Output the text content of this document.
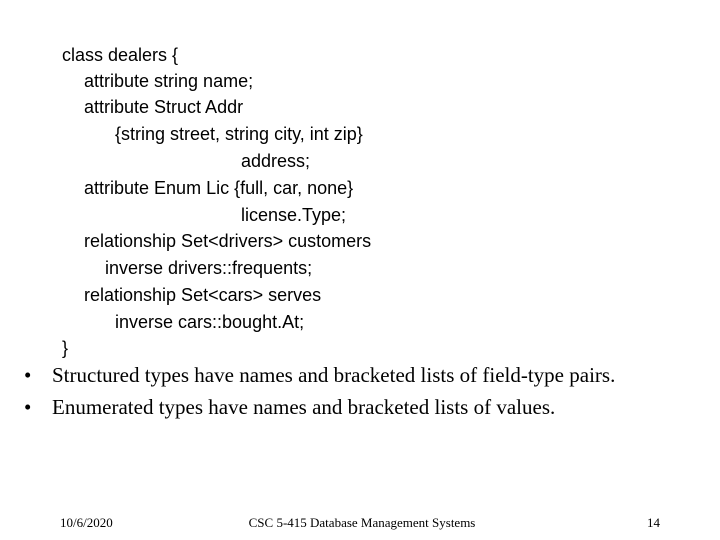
class dealers {
attribute string name;
attribute Struct Addr
{string street, string city, int zip}
address;
attribute Enum Lic {full, car, none}
license.Type;
relationship Set<drivers> customers
inverse drivers::frequents;
relationship Set<cars> serves
inverse cars::bought.At;
}
• Structured types have names and bracketed lists of field-type pairs.
• Enumerated types have names and bracketed lists of values.
10/6/2020	CSC 5-415 Database Management Systems	14
